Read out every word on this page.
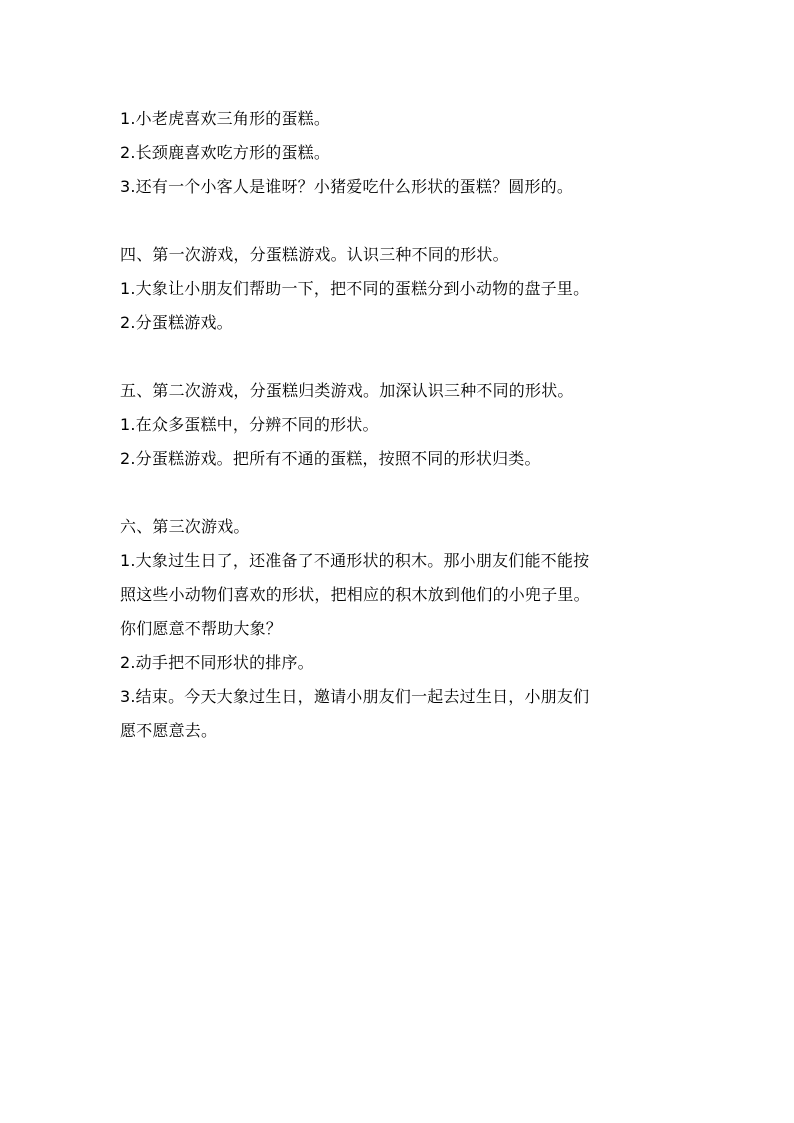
1.小老虎喜欢三角形的蛋糕。
2.长颈鹿喜欢吃方形的蛋糕。
3.还有一个小客人是谁呀？小猪爱吃什么形状的蛋糕？圆形的。
四、第一次游戏，分蛋糕游戏。认识三种不同的形状。
1.大象让小朋友们帮助一下，把不同的蛋糕分到小动物的盘子里。
2.分蛋糕游戏。
五、第二次游戏，分蛋糕归类游戏。加深认识三种不同的形状。
1.在众多蛋糕中，分辨不同的形状。
2.分蛋糕游戏。把所有不通的蛋糕，按照不同的形状归类。
六、第三次游戏。
1.大象过生日了，还准备了不通形状的积木。那小朋友们能不能按
照这些小动物们喜欢的形状，把相应的积木放到他们的小兜子里。
你们愿意不帮助大象？
2.动手把不同形状的排序。
3.结束。今天大象过生日，邀请小朋友们一起去过生日，小朋友们
愿不愿意去。
